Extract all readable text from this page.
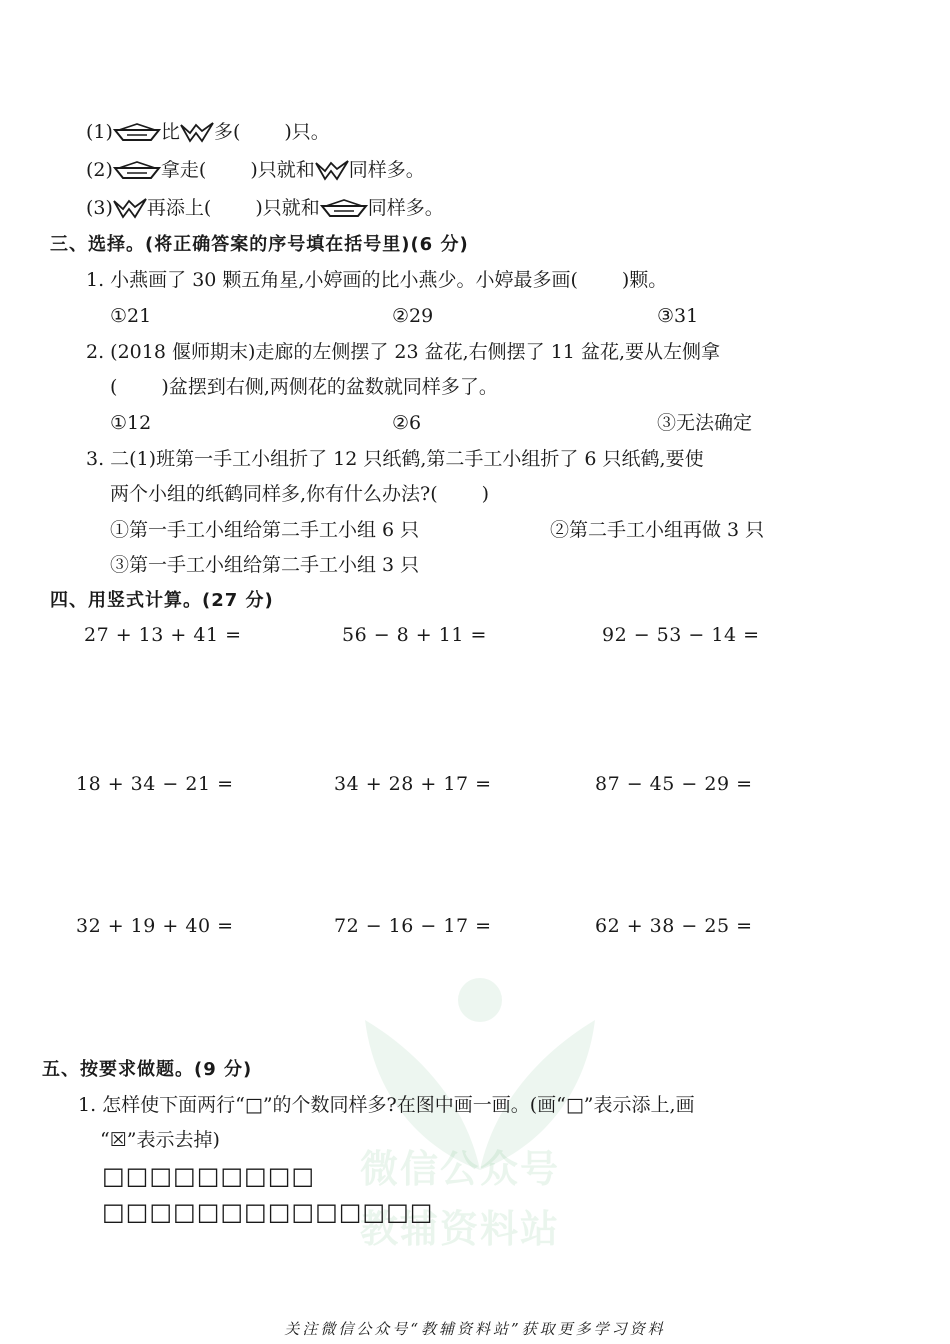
微信公众号
教辅资料站
(1)	比 多( )只。
(2)	拿走( )只就和 同样多。
(3) 再添上( )只就和	同样多。
三、选择。(将正确答案的序号填在括号里)(6 分)
1. 小燕画了 30 颗五角星,小婷画的比小燕少。小婷最多画( )颗。
①21	②29	③31
2. (2018 偃师期末)走廊的左侧摆了 23 盆花,右侧摆了 11 盆花,要从左侧拿
( )盆摆到右侧,两侧花的盆数就同样多了。
①12	②6	③无法确定
3. 二(1)班第一手工小组折了 12 只纸鹤,第二手工小组折了 6 只纸鹤,要使
两个小组的纸鹤同样多,你有什么办法?( )
①第一手工小组给第二手工小组 6 只	②第二手工小组再做 3 只
③第一手工小组给第二手工小组 3 只
四、用竖式计算。(27 分)
27 + 13 + 41 =	56 − 8 + 11 =	92 − 53 − 14 =
18 + 34 − 21 =	34 + 28 + 17 =	87 − 45 − 29 =
32 + 19 + 40 =	72 − 16 − 17 =	62 + 38 − 25 =
五、按要求做题。(9 分)
1. 怎样使下面两行“□”的个数同样多?在图中画一画。(画“□”表示添上,画
“☒”表示去掉)
□□□□□□□□□
□□□□□□□□□□□□□□
关注微信公众号“教辅资料站”获取更多学习资料
